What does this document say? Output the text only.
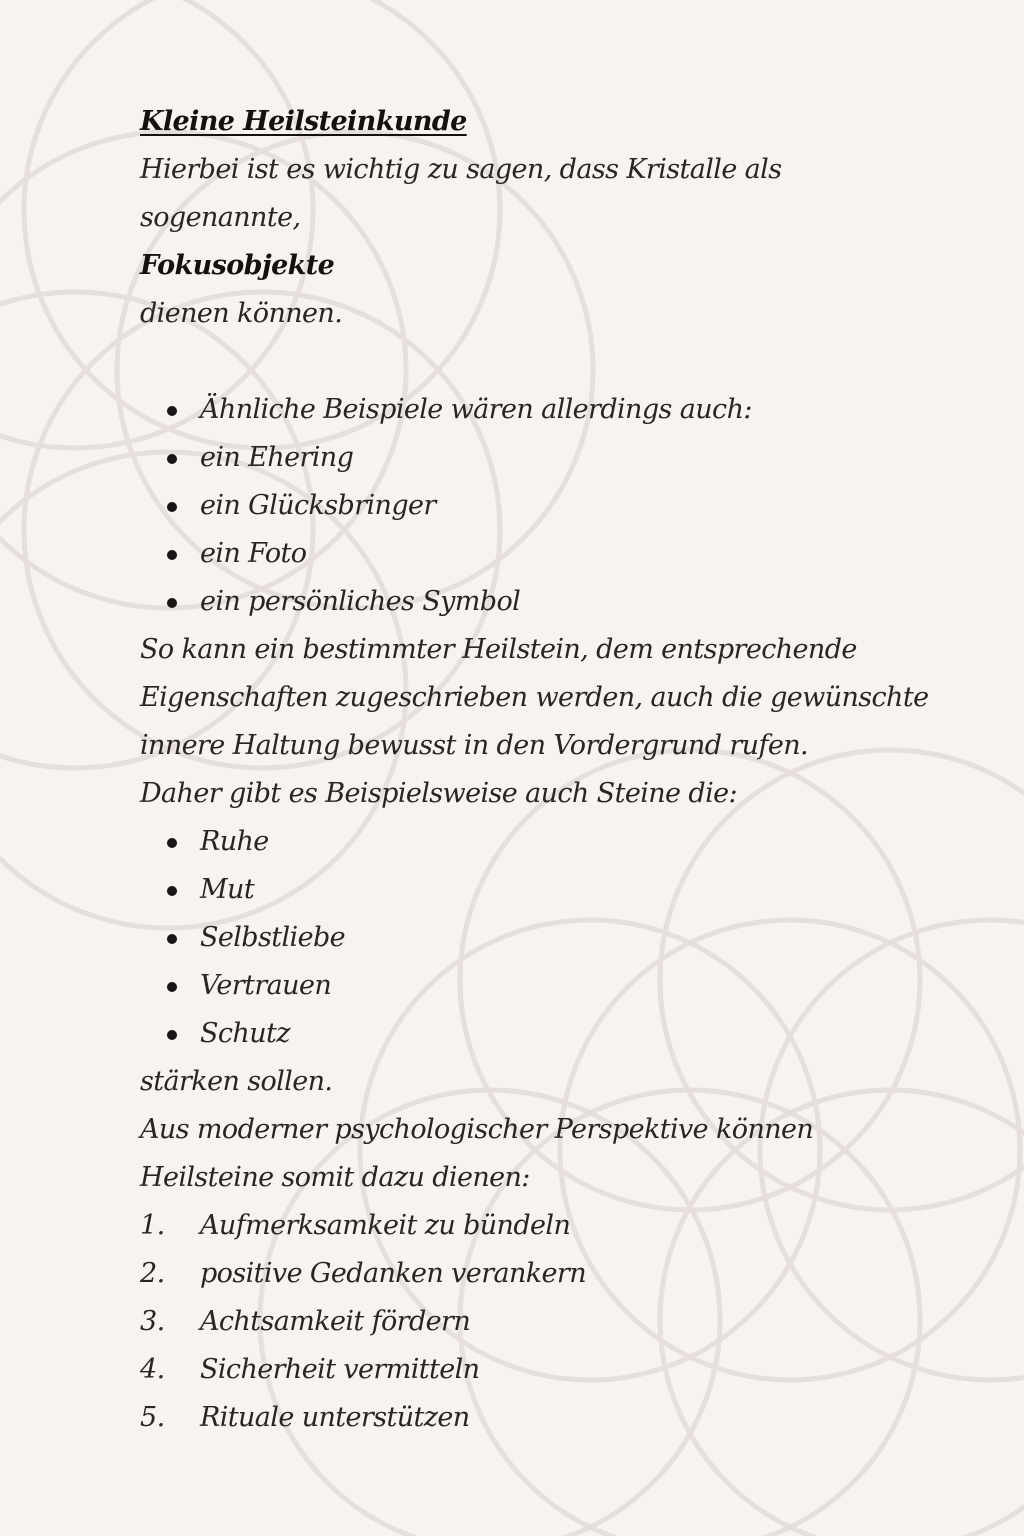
Kleine Heilsteinkunde
Hierbei ist es wichtig zu sagen, dass Kristalle als
sogenannte,
Fokusobjekte
dienen können.
Ähnliche Beispiele wären allerdings auch:
ein Ehering
ein Glücksbringer
ein Foto
ein persönliches Symbol
So kann ein bestimmter Heilstein, dem entsprechende
Eigenschaften zugeschrieben werden, auch die gewünschte
innere Haltung bewusst in den Vordergrund rufen.
Daher gibt es Beispielsweise auch Steine die:
Ruhe
Mut
Selbstliebe
Vertrauen
Schutz
stärken sollen.
Aus moderner psychologischer Perspektive können
Heilsteine somit dazu dienen:
1.	Aufmerksamkeit zu bündeln
2.	positive Gedanken verankern
3.	Achtsamkeit fördern
4.	Sicherheit vermitteln
5.	Rituale unterstützen
